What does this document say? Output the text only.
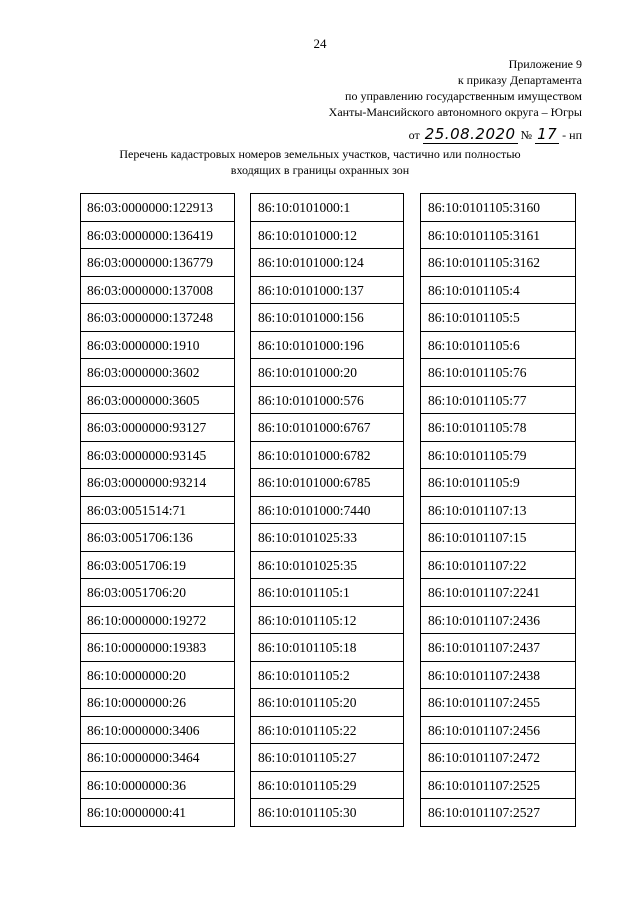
24
Приложение 9
к приказу Департамента
по управлению государственным имуществом
Ханты-Мансийского автономного округа – Югры
от 25.08.2020 № 17 - нп
Перечень кадастровых номеров земельных участков, частично или полностью
входящих в границы охранных зон
86:03:0000000:122913
86:03:0000000:136419
86:03:0000000:136779
86:03:0000000:137008
86:03:0000000:137248
86:03:0000000:1910
86:03:0000000:3602
86:03:0000000:3605
86:03:0000000:93127
86:03:0000000:93145
86:03:0000000:93214
86:03:0051514:71
86:03:0051706:136
86:03:0051706:19
86:03:0051706:20
86:10:0000000:19272
86:10:0000000:19383
86:10:0000000:20
86:10:0000000:26
86:10:0000000:3406
86:10:0000000:3464
86:10:0000000:36
86:10:0000000:41
86:10:0101000:1
86:10:0101000:12
86:10:0101000:124
86:10:0101000:137
86:10:0101000:156
86:10:0101000:196
86:10:0101000:20
86:10:0101000:576
86:10:0101000:6767
86:10:0101000:6782
86:10:0101000:6785
86:10:0101000:7440
86:10:0101025:33
86:10:0101025:35
86:10:0101105:1
86:10:0101105:12
86:10:0101105:18
86:10:0101105:2
86:10:0101105:20
86:10:0101105:22
86:10:0101105:27
86:10:0101105:29
86:10:0101105:30
86:10:0101105:3160
86:10:0101105:3161
86:10:0101105:3162
86:10:0101105:4
86:10:0101105:5
86:10:0101105:6
86:10:0101105:76
86:10:0101105:77
86:10:0101105:78
86:10:0101105:79
86:10:0101105:9
86:10:0101107:13
86:10:0101107:15
86:10:0101107:22
86:10:0101107:2241
86:10:0101107:2436
86:10:0101107:2437
86:10:0101107:2438
86:10:0101107:2455
86:10:0101107:2456
86:10:0101107:2472
86:10:0101107:2525
86:10:0101107:2527
